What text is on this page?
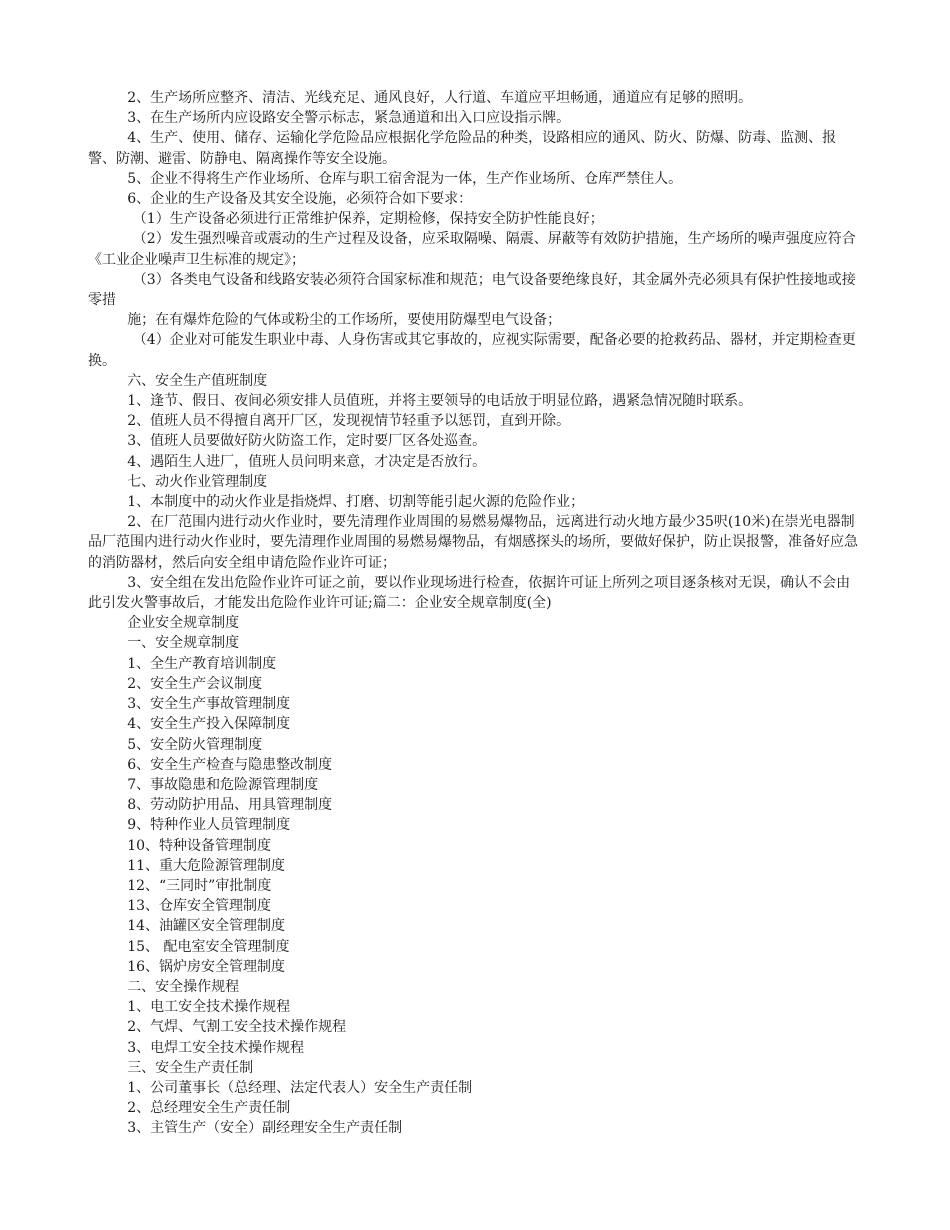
2、生产场所应整齐、清洁、光线充足、通风良好，人行道、车道应平坦畅通，通道应有足够的照明。

3、在生产场所内应设路安全警示标志，紧急通道和出入口应设指示牌。

4、生产、使用、储存、运输化学危险品应根据化学危险品的种类，设路相应的通风、防火、防爆、防毒、监测、报警、防潮、避雷、防静电、隔离操作等安全设施。

5、企业不得将生产作业场所、仓库与职工宿舍混为一体，生产作业场所、仓库严禁住人。

6、企业的生产设备及其安全设施，必须符合如下要求：

（1）生产设备必须进行正常维护保养，定期检修，保持安全防护性能良好；

（2）发生强烈噪音或震动的生产过程及设备，应采取隔噪、隔震、屏蔽等有效防护措施，生产场所的噪声强度应符合《工业企业噪声卫生标准的规定》；

（3）各类电气设备和线路安装必须符合国家标准和规范；电气设备要绝缘良好，其金属外壳必须具有保护性接地或接零措

施；在有爆炸危险的气体或粉尘的工作场所，要使用防爆型电气设备；

（4）企业对可能发生职业中毒、人身伤害或其它事故的，应视实际需要，配备必要的抢救药品、器材，并定期检查更换。

六、安全生产值班制度

1、逢节、假日、夜间必须安排人员值班，并将主要领导的电话放于明显位路，遇紧急情况随时联系。

2、值班人员不得擅自离开厂区，发现视情节轻重予以惩罚，直到开除。

3、值班人员要做好防火防盗工作，定时要厂区各处巡查。

4、遇陌生人进厂，值班人员问明来意，才决定是否放行。

七、动火作业管理制度

1、本制度中的动火作业是指烧焊、打磨、切割等能引起火源的危险作业；

2、在厂范围内进行动火作业时，要先清理作业周围的易燃易爆物品，远离进行动火地方最少35呎(10米)在崇光电器制品厂范围内进行动火作业时，要先清理作业周围的易燃易爆物品，有烟感探头的场所，要做好保护，防止误报警，准备好应急的消防器材，然后向安全组申请危险作业许可证；

3、安全组在发出危险作业许可证之前，要以作业现场进行检查，依据许可证上所列之项目逐条核对无误，确认不会由此引发火警事故后，才能发出危险作业许可证;篇二：企业安全规章制度(全)

企业安全规章制度

一、安全规章制度

1、全生产教育培训制度

2、安全生产会议制度

3、安全生产事故管理制度

4、安全生产投入保障制度

5、安全防火管理制度

6、安全生产检查与隐患整改制度

7、事故隐患和危险源管理制度

8、劳动防护用品、用具管理制度

9、特种作业人员管理制度

10、特种设备管理制度

11、重大危险源管理制度

12、“三同时”审批制度

13、仓库安全管理制度

14、油罐区安全管理制度

15、 配电室安全管理制度

16、锅炉房安全管理制度

二、安全操作规程

1、电工安全技术操作规程

2、气焊、气割工安全技术操作规程

3、电焊工安全技术操作规程

三、安全生产责任制

1、公司董事长（总经理、法定代表人）安全生产责任制

2、总经理安全生产责任制

3、主管生产（安全）副经理安全生产责任制
